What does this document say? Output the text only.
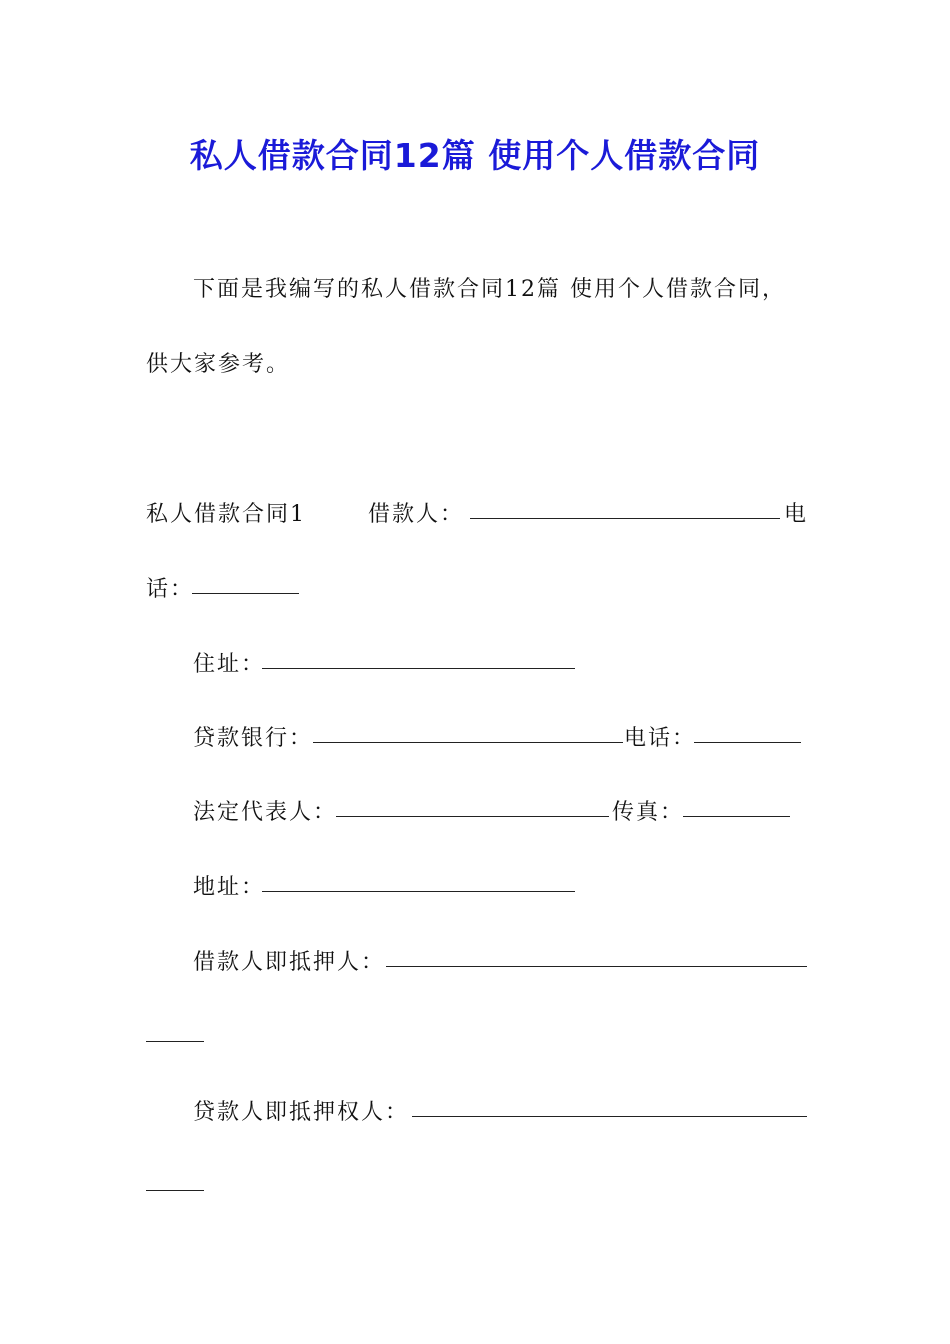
私人借款合同12篇 使用个人借款合同
下面是我编写的私人借款合同12篇 使用个人借款合同，
供大家参考。
私人借款合同1	借款人：	电
话：
住址：
贷款银行：	电话：
法定代表人：	传真：
地址：
借款人即抵押人：
贷款人即抵押权人：
